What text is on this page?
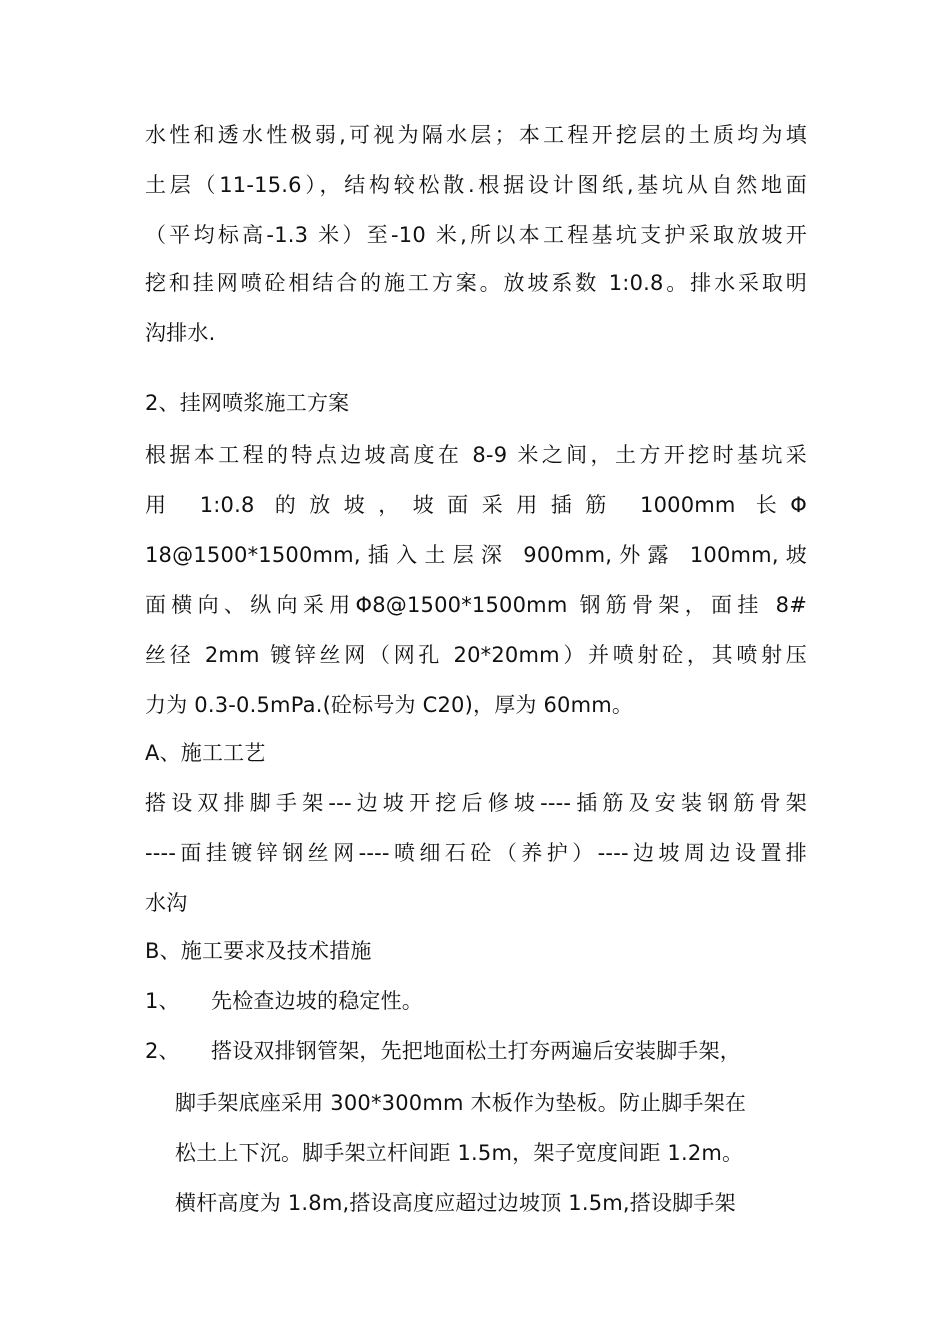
水性和透水性极弱,可视为隔水层；本工程开挖层的土质均为填
土层（11-15.6），结构较松散.根据设计图纸,基坑从自然地面
（平均标高-1.3 米）至-10 米,所以本工程基坑支护采取放坡开
挖和挂网喷砼相结合的施工方案。放坡系数 1:0.8。排水采取明
沟排水.
2、挂网喷浆施工方案
根据本工程的特点边坡高度在 8-9 米之间，土方开挖时基坑采
用 1:0.8 的放坡，坡面采用插筋 1000mm 长Φ
18@1500*1500mm,插入土层深 900mm,外露 100mm,坡
面横向、纵向采用Φ8@1500*1500mm 钢筋骨架，面挂 8#
丝径 2mm 镀锌丝网（网孔 20*20mm）并喷射砼，其喷射压
力为 0.3-0.5mPa.(砼标号为 C20)，厚为 60mm。
A、施工工艺
搭设双排脚手架---边坡开挖后修坡----插筋及安装钢筋骨架
----面挂镀锌钢丝网----喷细石砼（养护）----边坡周边设置排
水沟
B、施工要求及技术措施
1、 先检查边坡的稳定性。
2、 搭设双排钢管架，先把地面松土打夯两遍后安装脚手架，
脚手架底座采用 300*300mm 木板作为垫板。防止脚手架在
松土上下沉。脚手架立杆间距 1.5m，架子宽度间距 1.2m。
横杆高度为 1.8m,搭设高度应超过边坡顶 1.5m,搭设脚手架
